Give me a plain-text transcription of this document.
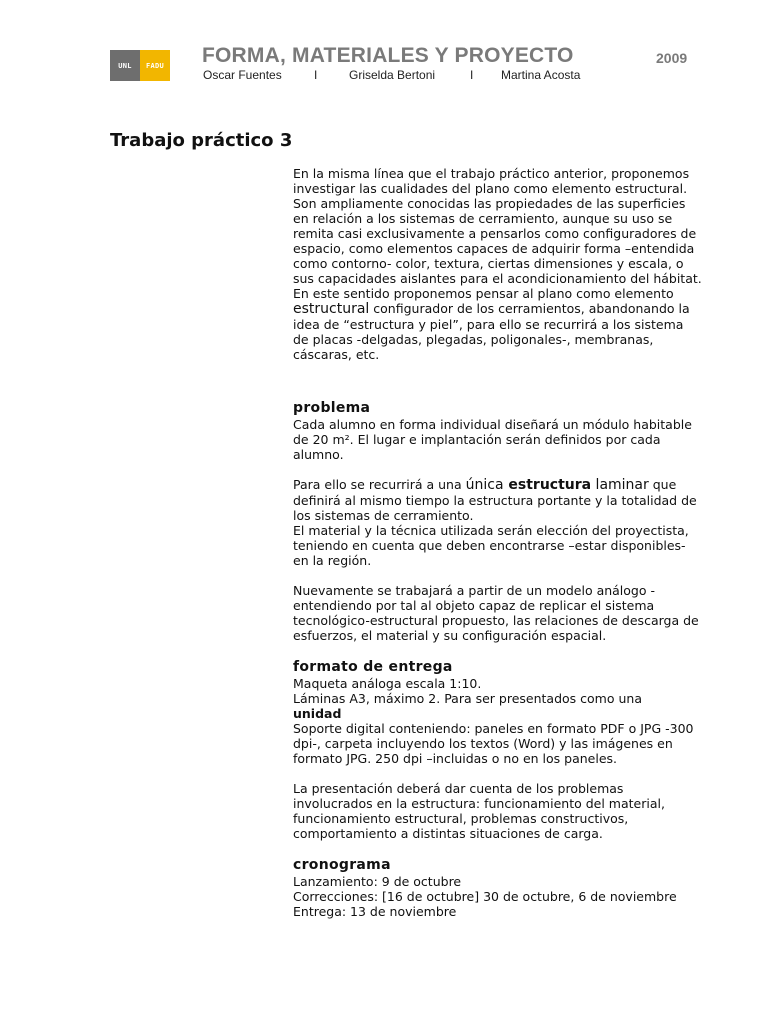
UNL	FADU FORMA, MATERIALES Y PROYECTO	2009
Oscar Fuentes	I	Griselda Bertoni	I Martina Acosta
Trabajo práctico 3

En la misma línea que el trabajo práctico anterior, proponemos investigar las cualidades del plano como elemento estructural.

Son ampliamente conocidas las propiedades de las superficies en relación a los sistemas de cerramiento, aunque su uso se remita casi exclusivamente a pensarlos como configuradores de espacio, como elementos capaces de adquirir forma –entendida como contorno- color, textura, ciertas dimensiones y escala, o sus capacidades aislantes para el acondicionamiento del hábitat.

En este sentido proponemos pensar al plano como elemento estructural configurador de los cerramientos, abandonando la idea de “estructura y piel”, para ello se recurrirá a los sistema de placas -delgadas, plegadas, poligonales-, membranas, cáscaras, etc.

problema

Cada alumno en forma individual diseñará un módulo habitable de 20 m². El lugar e implantación serán definidos por cada alumno.

Para ello se recurrirá a una única estructura laminar que definirá al mismo tiempo la estructura portante y la totalidad de los sistemas de cerramiento.

El material y la técnica utilizada serán elección del proyectista, teniendo en cuenta que deben encontrarse –estar disponibles- en la región.

Nuevamente se trabajará a partir de un modelo análogo -entendiendo por tal al objeto capaz de replicar el sistema tecnológico-estructural propuesto, las relaciones de descarga de esfuerzos, el material y su configuración espacial.

formato de entrega

Maqueta análoga escala 1:10.

Láminas A3, máximo 2. Para ser presentados como una

unidad

Soporte digital conteniendo: paneles en formato PDF o JPG -300 dpi-, carpeta incluyendo los textos (Word) y las imágenes en formato JPG. 250 dpi –incluidas o no en los paneles.

La presentación deberá dar cuenta de los problemas involucrados en la estructura: funcionamiento del material, funcionamiento estructural, problemas constructivos, comportamiento a distintas situaciones de carga.

cronograma

Lanzamiento: 9 de octubre

Correcciones: [16 de octubre] 30 de octubre, 6 de noviembre

Entrega: 13 de noviembre
